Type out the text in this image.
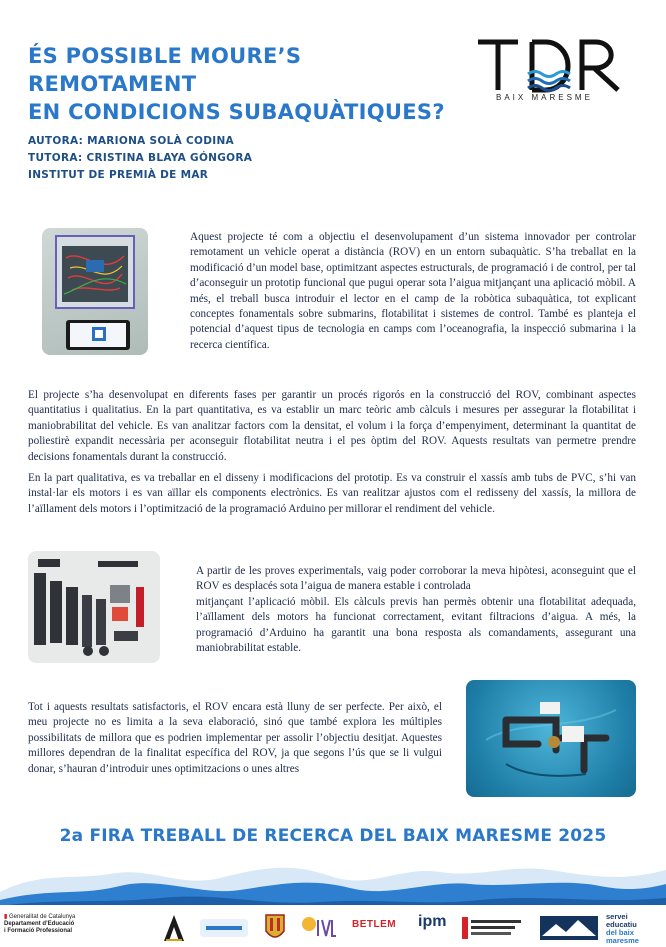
ÉS POSSIBLE MOURE’S REMOTAMENT
EN CONDICIONS SUBAQUÀTIQUES?
BAIX MARESME
AUTORA: MARIONA SOLÀ CODINA
TUTORA: CRISTINA BLAYA GÓNGORA
INSTITUT DE PREMIÀ DE MAR

Aquest projecte té com a objectiu el desenvolupament d’un sistema innovador per controlar remotament un vehicle operat a distància (ROV) en un entorn subaquàtic. S’ha treballat en la modificació d’un model base, optimitzant aspectes estructurals, de programació i de control, per tal d’aconseguir un prototip funcional que pugui operar sota l’aigua mitjançant una aplicació mòbil. A més, el treball busca introduir el lector en el camp de la robòtica subaquàtica, tot explicant conceptes fonamentals sobre submarins, flotabilitat i sistemes de control. També es planteja el potencial d’aquest tipus de tecnologia en camps com l’oceanografia, la inspecció submarina i la recerca científica.

El projecte s’ha desenvolupat en diferents fases per garantir un procés rigorós en la construcció del ROV, combinant aspectes quantitatius i qualitatius. En la part quantitativa, es va establir un marc teòric amb càlculs i mesures per assegurar la flotabilitat i maniobrabilitat del vehicle. Es van analitzar factors com la densitat, el volum i la força d’empenyiment, determinant la quantitat de poliestirè expandit necessària per aconseguir flotabilitat neutra i el pes òptim del ROV. Aquests resultats van permetre prendre decisions fonamentals durant la construcció.

En la part qualitativa, es va treballar en el disseny i modificacions del prototip. Es va construir el xassís amb tubs de PVC, s’hi van instal·lar els motors i es van aïllar els components electrònics. Es van realitzar ajustos com el redisseny del xassís, la millora de l’aïllament dels motors i l’optimització de la programació Arduino per millorar el rendiment del vehicle.

A partir de les proves experimentals, vaig poder corroborar la meva hipòtesi, aconseguint que el ROV es desplacés sota l’aigua de manera estable i controlada
mitjançant l’aplicació mòbil. Els càlculs previs han permès obtenir una flotabilitat adequada, l’aïllament dels motors ha funcionat correctament, evitant filtracions d’aigua. A més, la programació d’Arduino ha garantit una bona resposta als comandaments, assegurant una maniobrabilitat estable.

Tot i aquests resultats satisfactoris, el ROV encara està lluny de ser perfecte. Per això, el meu projecte no es limita a la seva elaboració, sinó que també explora les múltiples possibilitats de millora que es podrien implementar per assolir l’objectiu desitjat. Aquestes millores dependran de la finalitat específica del ROV, ja que segons l’ús que se li vulgui donar, s’hauran d’introduir unes optimitzacions o unes altres

2a FIRA TREBALL DE RECERCA DEL BAIX MARESME 2025
▮ Generalitat de Catalunya
Departament d’Educació
i Formació Professional
BETLEM ipm	servei
educatiu
del baix maresme
